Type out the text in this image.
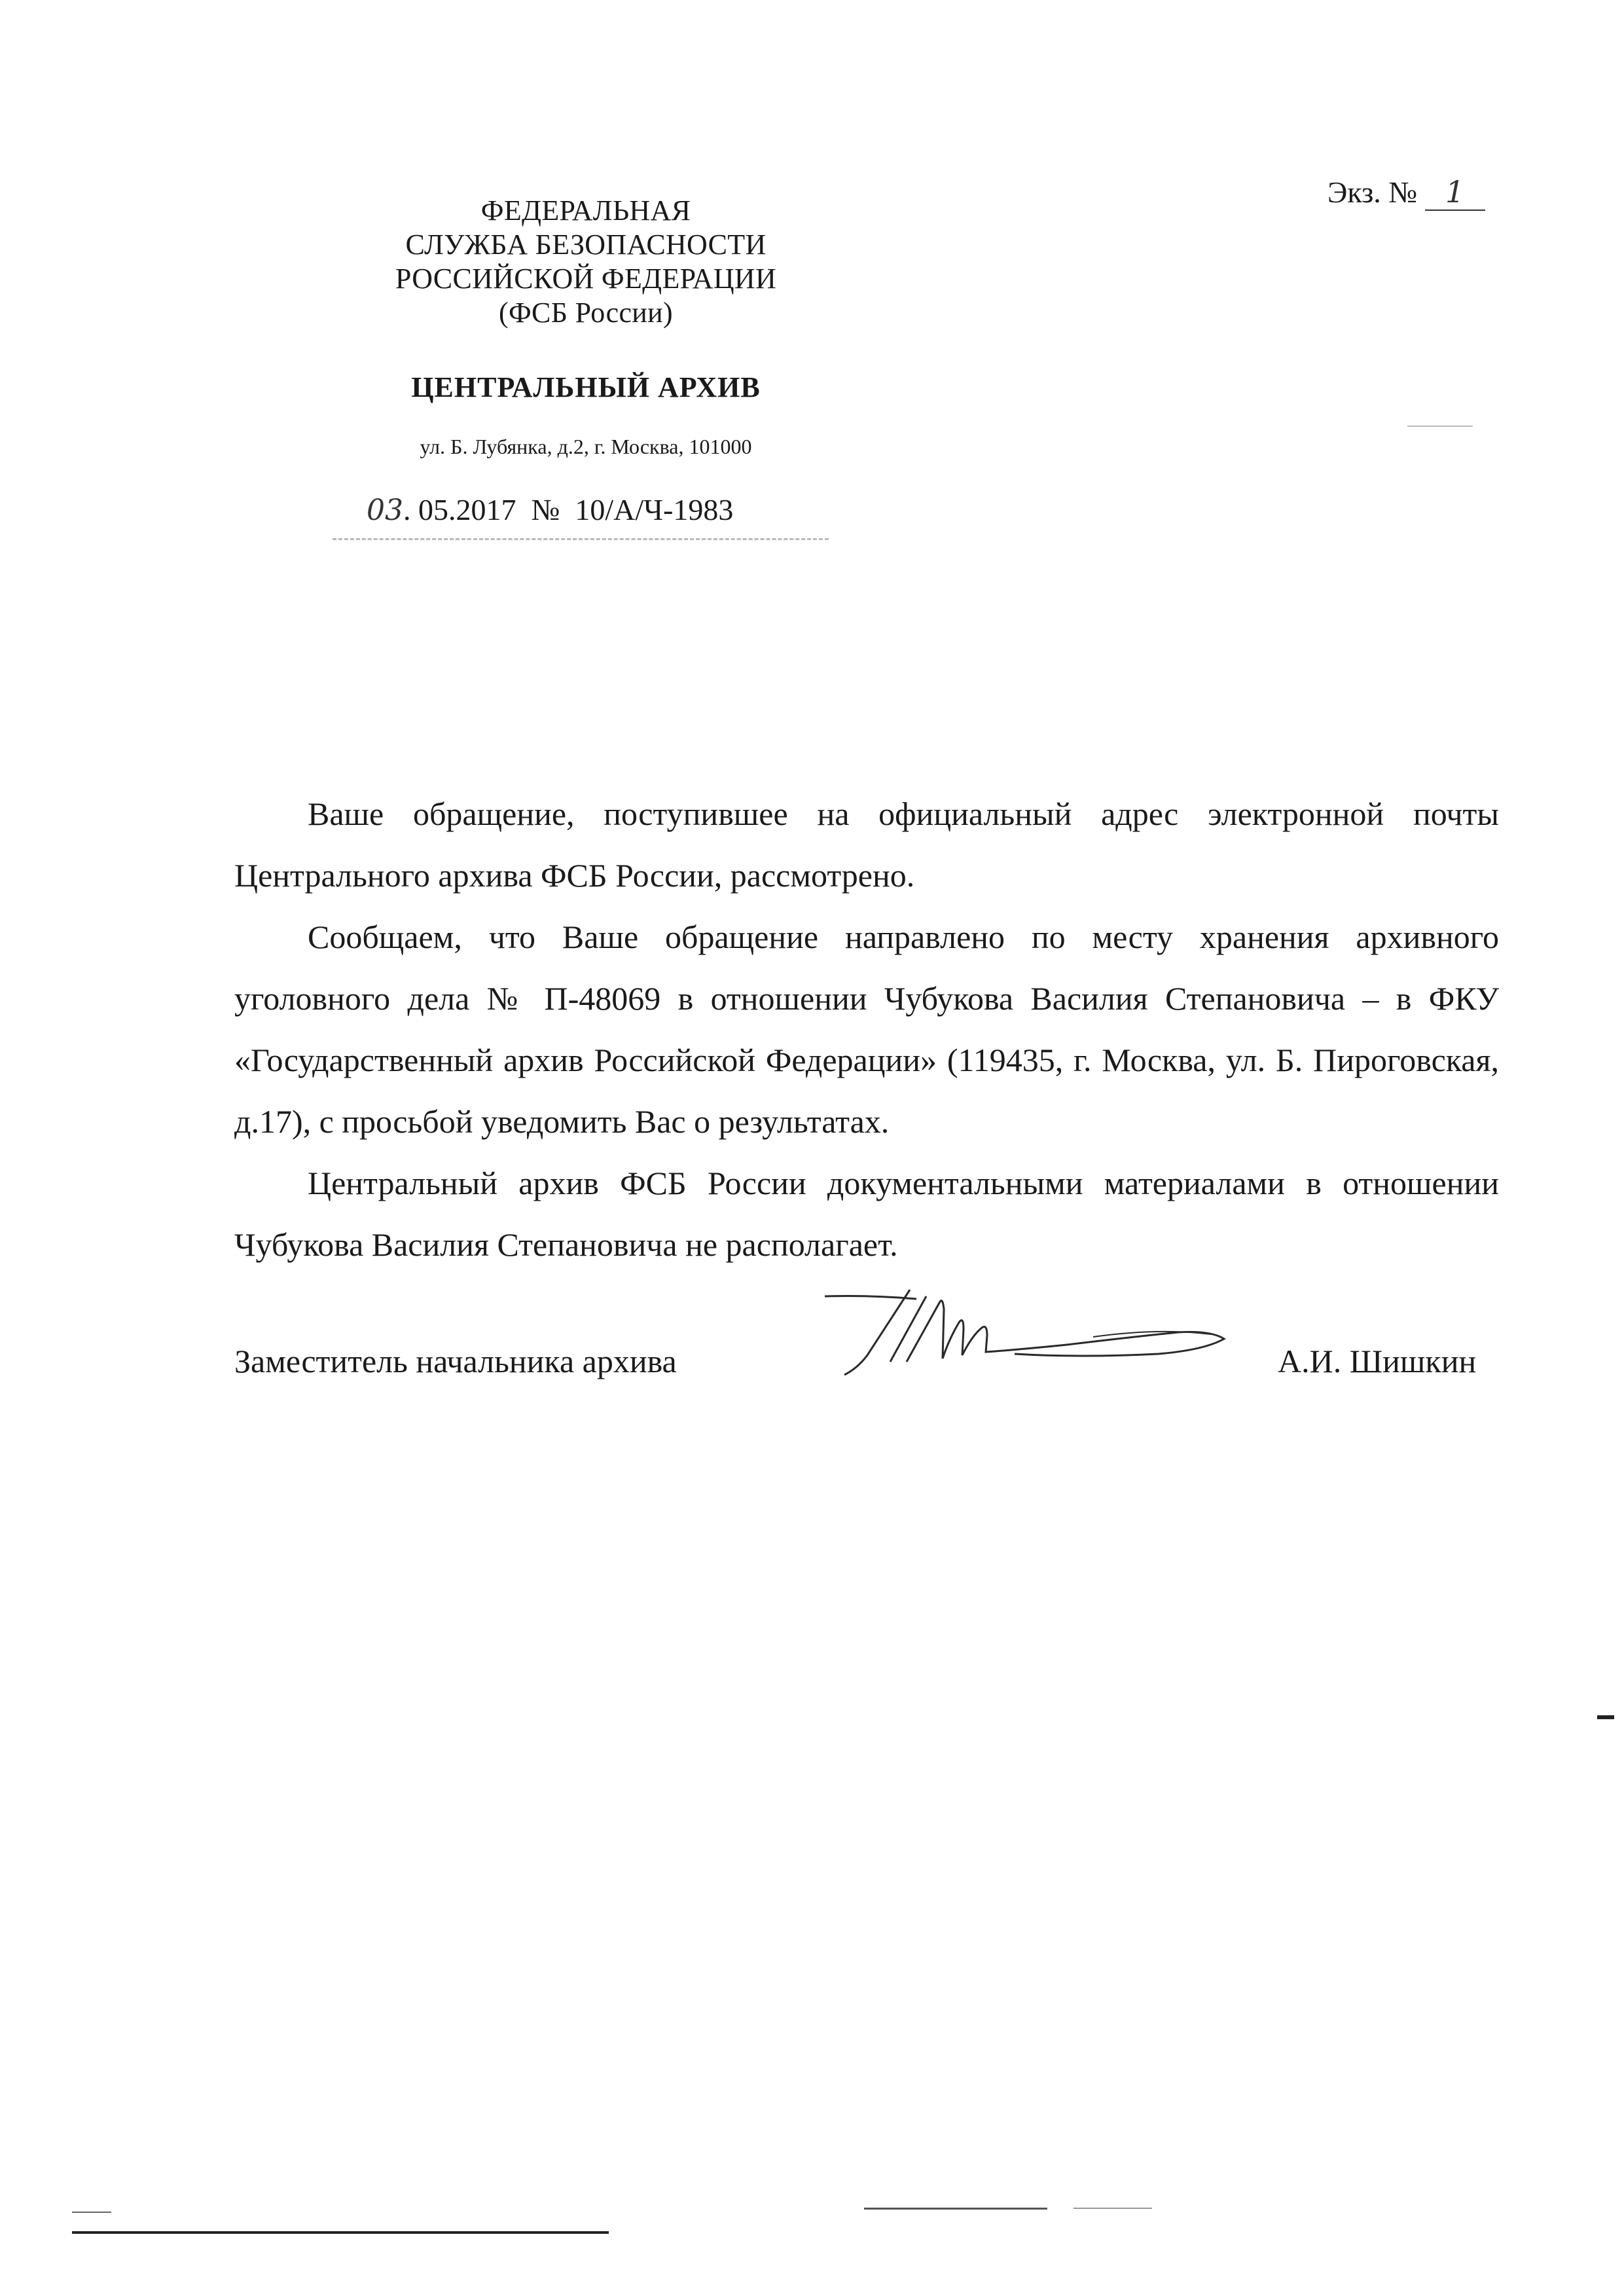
ФЕДЕРАЛЬНАЯ
СЛУЖБА БЕЗОПАСНОСТИ
РОССИЙСКОЙ ФЕДЕРАЦИИ
(ФСБ России)
ЦЕНТРАЛЬНЫЙ АРХИВ
ул. Б. Лубянка, д.2, г. Москва, 101000
03. 05.2017 № 10/А/Ч-1983
Экз. № 1

Ваше обращение, поступившее на официальный адрес электронной почты Центрального архива ФСБ России, рассмотрено.

Сообщаем, что Ваше обращение направлено по месту хранения архивного уголовного дела № П-48069 в отношении Чубукова Василия Степановича – в ФКУ «Государственный архив Российской Федерации» (119435, г. Москва, ул. Б. Пироговская, д.17), с просьбой уведомить Вас о результатах.

Центральный архив ФСБ России документальными материалами в отношении Чубукова Василия Степановича не располагает.

Заместитель начальника архива	А.И. Шишкин
